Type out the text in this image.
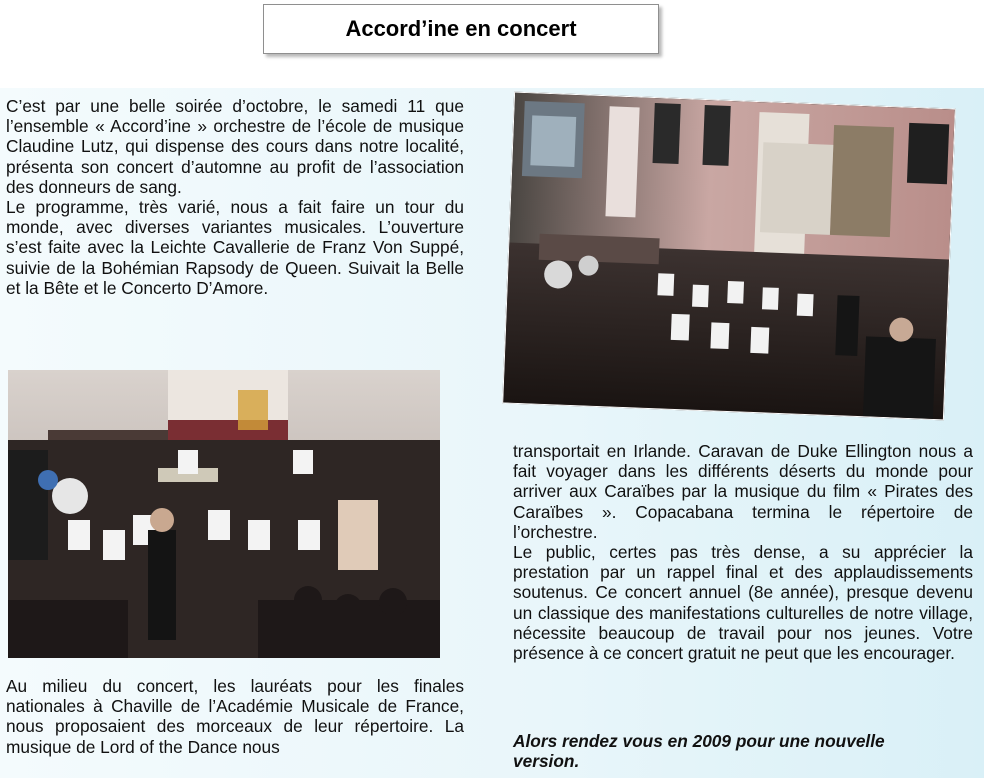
Accord’ine en concert
C’est par une belle soirée d’octobre, le samedi 11 que l’ensemble « Accord’ine » orchestre de l’école de musique Claudine Lutz, qui dispense des cours dans notre localité, présenta son concert d’automne au profit de l’association des donneurs de sang.
Le programme, très varié, nous a fait faire un tour du monde, avec diverses variantes musicales. L’ouverture s’est faite avec la Leichte Cavallerie de Franz Von Suppé, suivie de la Bohémian Rapsody de Queen. Suivait la Belle et la Bête et le Concerto D’Amore.

Au milieu du concert, les lauréats pour les finales nationales à Chaville de l’Académie Musicale de France, nous proposaient des morceaux de leur répertoire. La musique de Lord of the Dance nous

transportait en Irlande. Caravan de Duke Ellington nous a fait voyager dans les différents déserts du monde pour arriver aux Caraïbes par la musique du film « Pirates des Caraïbes ». Copacabana termina le répertoire de l’orchestre.
Le public, certes pas très dense, a su apprécier la prestation par un rappel final et des applaudissements soutenus. Ce concert annuel (8e année), presque devenu un classique des manifestations culturelles de notre village, nécessite beaucoup de travail pour nos jeunes. Votre présence à ce concert gratuit ne peut que les encourager.

Alors rendez vous en 2009 pour une nouvelle
version.
